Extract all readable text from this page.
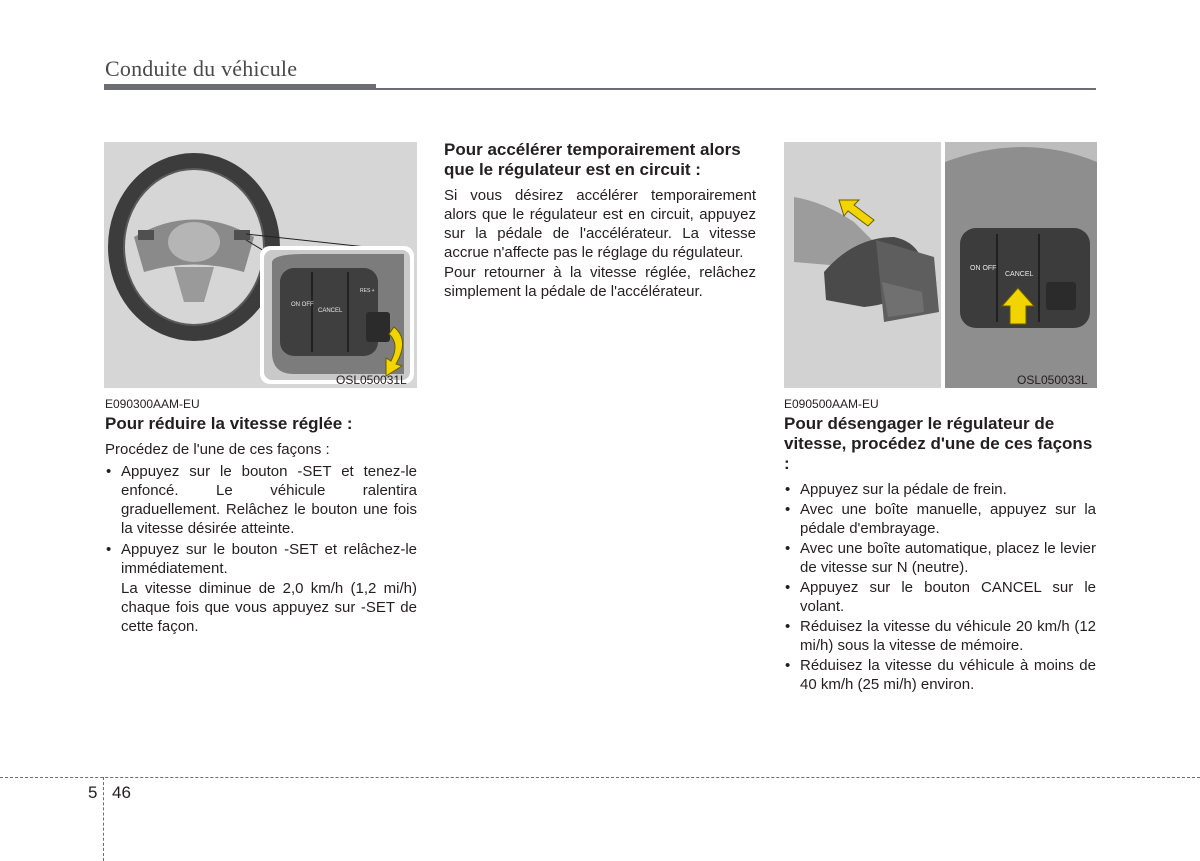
Conduite du véhicule
ON OFF
CANCEL
RES +
OSL050031L
E090300AAM-EU
Pour réduire la vitesse réglée :
Procédez de l'une de ces façons :
• Appuyez sur le bouton -SET et tenez-le enfoncé. Le véhicule ralentira graduellement. Relâchez le bouton une fois la vitesse désirée atteinte.
• Appuyez sur le bouton -SET et relâchez-le immédiatement.
La vitesse diminue de 2,0 km/h (1,2 mi/h) chaque fois que vous appuyez sur -SET de cette façon.
Pour accélérer temporairement alors que le régulateur est en circuit :
Si vous désirez accélérer temporairement alors que le régulateur est en circuit, appuyez sur la pédale de l'accélérateur. La vitesse accrue n'affecte pas le réglage du régulateur.
Pour retourner à la vitesse réglée, relâchez simplement la pédale de l'accélérateur.
ON OFF
CANCEL
OSL050033L
E090500AAM-EU
Pour désengager le régulateur de vitesse, procédez d'une de ces façons :
• Appuyez sur la pédale de frein.
• Avec une boîte manuelle, appuyez sur la pédale d'embrayage.
• Avec une boîte automatique, placez le levier de vitesse sur N (neutre).
• Appuyez sur le bouton CANCEL sur le volant.
• Réduisez la vitesse du véhicule 20 km/h (12 mi/h) sous la vitesse de mémoire.
• Réduisez la vitesse du véhicule à moins de 40 km/h (25 mi/h) environ.
5 46
